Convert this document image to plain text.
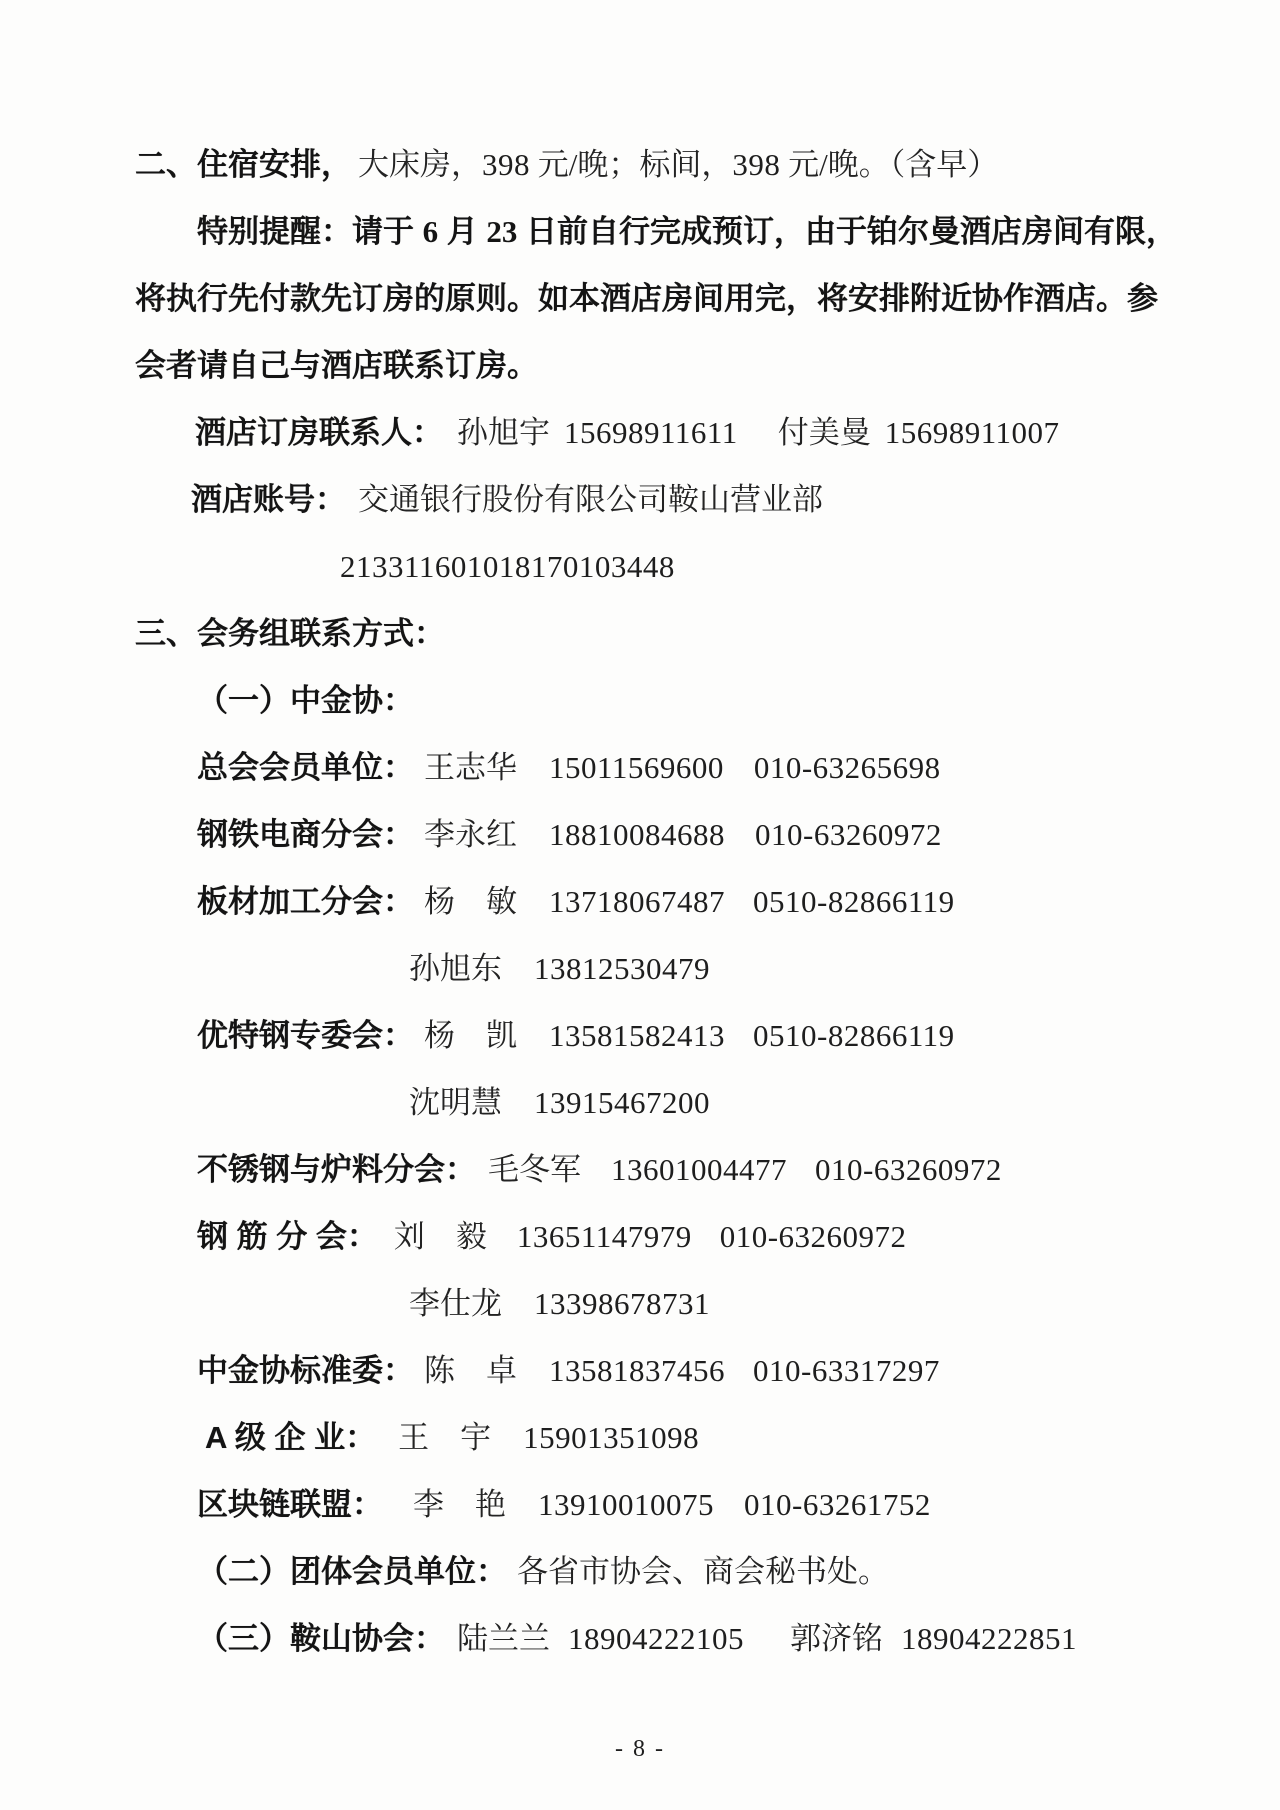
二、住宿安排， 大床房， 398 元/晚；标间， 398 元/晚。（含早）
特别提醒：请于 6 月 23 日前自行完成预订，由于铂尔曼酒店房间有限，
将执行先付款先订房的原则。如本酒店房间用完，将安排附近协作酒店。参
会者请自己与酒店联系订房。
酒店订房联系人： 孙旭宇 15698911611 付美曼 15698911007
酒店账号： 交通银行股份有限公司鞍山营业部
213311601018170103448
三、会务组联系方式：
（一）中金协：
总会会员单位： 王志华 15011569600 010-63265698
钢铁电商分会： 李永红 18810084688 010-63260972
板材加工分会： 杨　敏 13718067487 0510-82866119
孙旭东 13812530479
优特钢专委会： 杨　凯 13581582413 0510-82866119
沈明慧 13915467200
不锈钢与炉料分会： 毛冬军 13601004477 010-63260972
钢 筋 分 会： 刘　毅 13651147979 010-63260972
李仕龙 13398678731
中金协标准委： 陈　卓 13581837456 010-63317297
A 级 企 业： 王　宇 15901351098
区块链联盟： 李　艳 13910010075 010-63261752
（二）团体会员单位： 各省市协会、商会秘书处。
（三）鞍山协会： 陆兰兰 18904222105 郭济铭 18904222851
- 8 -
